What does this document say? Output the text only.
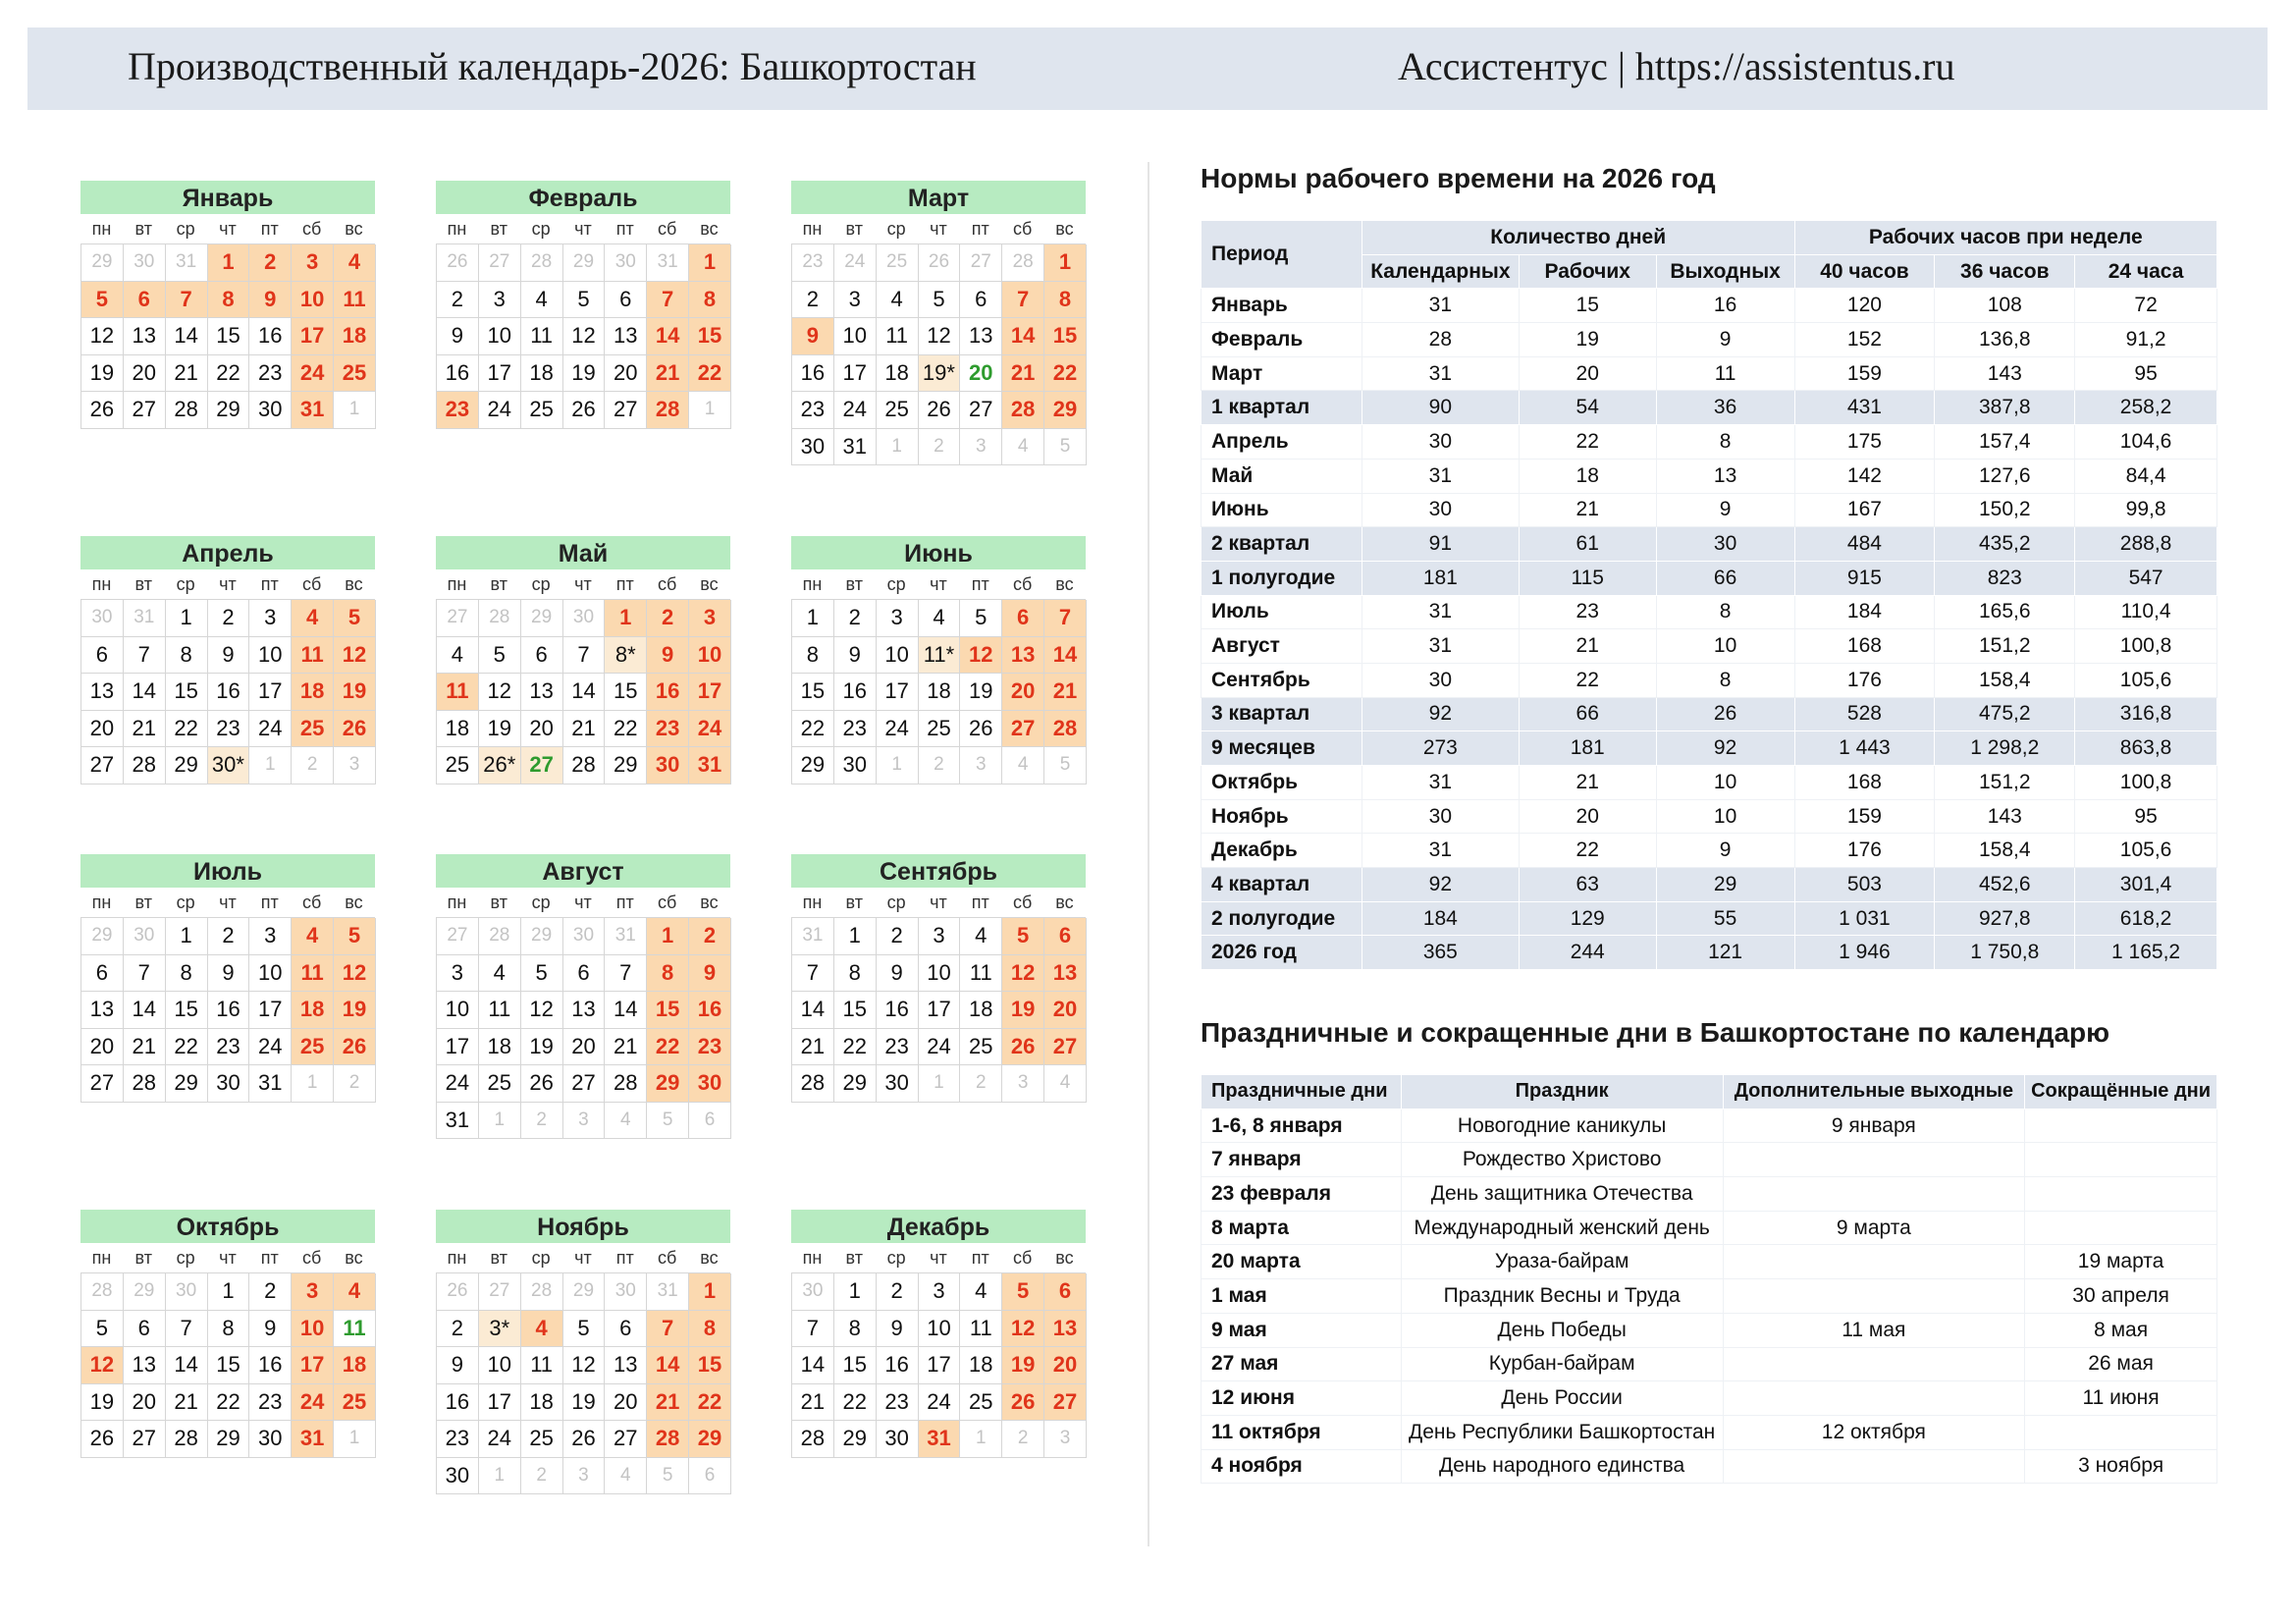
Производственный календарь-2026: Башкортостан	Ассистентус | https://assistentus.ru
Январь
пн	вт	ср	чт	пт	сб	вс
29	30	31	1	2	3	4
5	6	7	8	9	10 11
12 13 14 15 16 17 18
19 20 21 22 23 24 25
26 27 28 29 30 31	1
Февраль
пн	вт	ср	чт	пт	сб	вс
26	27	28	29	30	31	1
2	3	4	5	6	7	8
9	10 11 12 13 14 15
16 17 18 19 20 21 22
23 24 25 26 27 28	1
Март
пн	вт	ср	чт	пт	сб	вс
23	24	25	26	27	28	1
2	3	4	5	6	7	8
9	10 11 12 13 14 15
16 17 18 19* 20 21 22
23 24 25 26 27 28 29
30 31	1	2	3	4	5
Апрель
пн	вт	ср	чт	пт	сб	вс
30	31	1	2	3	4	5
6	7	8	9	10 11 12
13 14 15 16 17 18 19
20 21 22 23 24 25 26
27 28 29 30*	1	2	3
Май
пн	вт	ср	чт	пт	сб	вс
27	28	29	30	1	2	3
4	5	6	7	8*	9	10
11 12 13 14 15 16 17
18 19 20 21 22 23 24
25 26* 27 28 29 30 31
Июнь
пн	вт	ср	чт	пт	сб	вс
1	2	3	4	5	6	7
8	9	10 11* 12 13 14
15 16 17 18 19 20 21
22 23 24 25 26 27 28
29 30	1	2	3	4	5
Июль
пн	вт	ср	чт	пт	сб	вс
29	30	1	2	3	4	5
6	7	8	9	10 11 12
13 14 15 16 17 18 19
20 21 22 23 24 25 26
27 28 29 30 31	1	2
Август
пн	вт	ср	чт	пт	сб	вс
27	28	29	30	31	1	2
3	4	5	6	7	8	9
10 11 12 13 14 15 16
17 18 19 20 21 22 23
24 25 26 27 28 29 30
31	1	2	3	4	5	6
Сентябрь
пн	вт	ср	чт	пт	сб	вс
31	1	2	3	4	5	6
7	8	9	10 11 12 13
14 15 16 17 18 19 20
21 22 23 24 25 26 27
28 29 30	1	2	3	4
Октябрь
пн	вт	ср	чт	пт	сб	вс
28	29	30	1	2	3	4
5	6	7	8	9	10 11
12 13 14 15 16 17 18
19 20 21 22 23 24 25
26 27 28 29 30 31	1
Ноябрь
пн	вт	ср	чт	пт	сб	вс
26	27	28	29	30	31	1
2	3*	4	5	6	7	8
9	10 11 12 13 14 15
16 17 18 19 20 21 22
23 24 25 26 27 28 29
30	1	2	3	4	5	6
Декабрь
пн	вт	ср	чт	пт	сб	вс
30	1	2	3	4	5	6
7	8	9	10 11 12 13
14 15 16 17 18 19 20
21 22 23 24 25 26 27
28 29 30 31	1	2	3
Нормы рабочего времени на 2026 год
Период	Количество дней			Рабочих часов при неделе		
	Календарных	Рабочих	Выходных	40 часов	36 часов	24 часа
Январь	31	15	16	120	108	72
Февраль	28	19	9	152	136,8	91,2
Март	31	20	11	159	143	95
1 квартал	90	54	36	431	387,8	258,2
Апрель	30	22	8	175	157,4	104,6
Май	31	18	13	142	127,6	84,4
Июнь	30	21	9	167	150,2	99,8
2 квартал	91	61	30	484	435,2	288,8
1 полугодие	181	115	66	915	823	547
Июль	31	23	8	184	165,6	110,4
Август	31	21	10	168	151,2	100,8
Сентябрь	30	22	8	176	158,4	105,6
3 квартал	92	66	26	528	475,2	316,8
9 месяцев	273	181	92	1 443	1 298,2	863,8
Октябрь	31	21	10	168	151,2	100,8
Ноябрь	30	20	10	159	143	95
Декабрь	31	22	9	176	158,4	105,6
4 квартал	92	63	29	503	452,6	301,4
2 полугодие	184	129	55	1 031	927,8	618,2
2026 год	365	244	121	1 946	1 750,8	1 165,2
Праздничные и сокращенные дни в Башкортостане по календарю
Праздничные дни	Праздник	Дополнительные выходные	Сокращённые дни
1-6, 8 января	Новогодние каникулы	9 января	
7 января	Рождество Христово		
23 февраля	День защитника Отечества		
8 марта	Международный женский день	9 марта	
20 марта	Ураза-байрам		19 марта
1 мая	Праздник Весны и Труда		30 апреля
9 мая	День Победы	11 мая	8 мая
27 мая	Курбан-байрам		26 мая
12 июня	День России		11 июня
11 октября	День Республики Башкортостан	12 октября	
4 ноября	День народного единства		3 ноября
